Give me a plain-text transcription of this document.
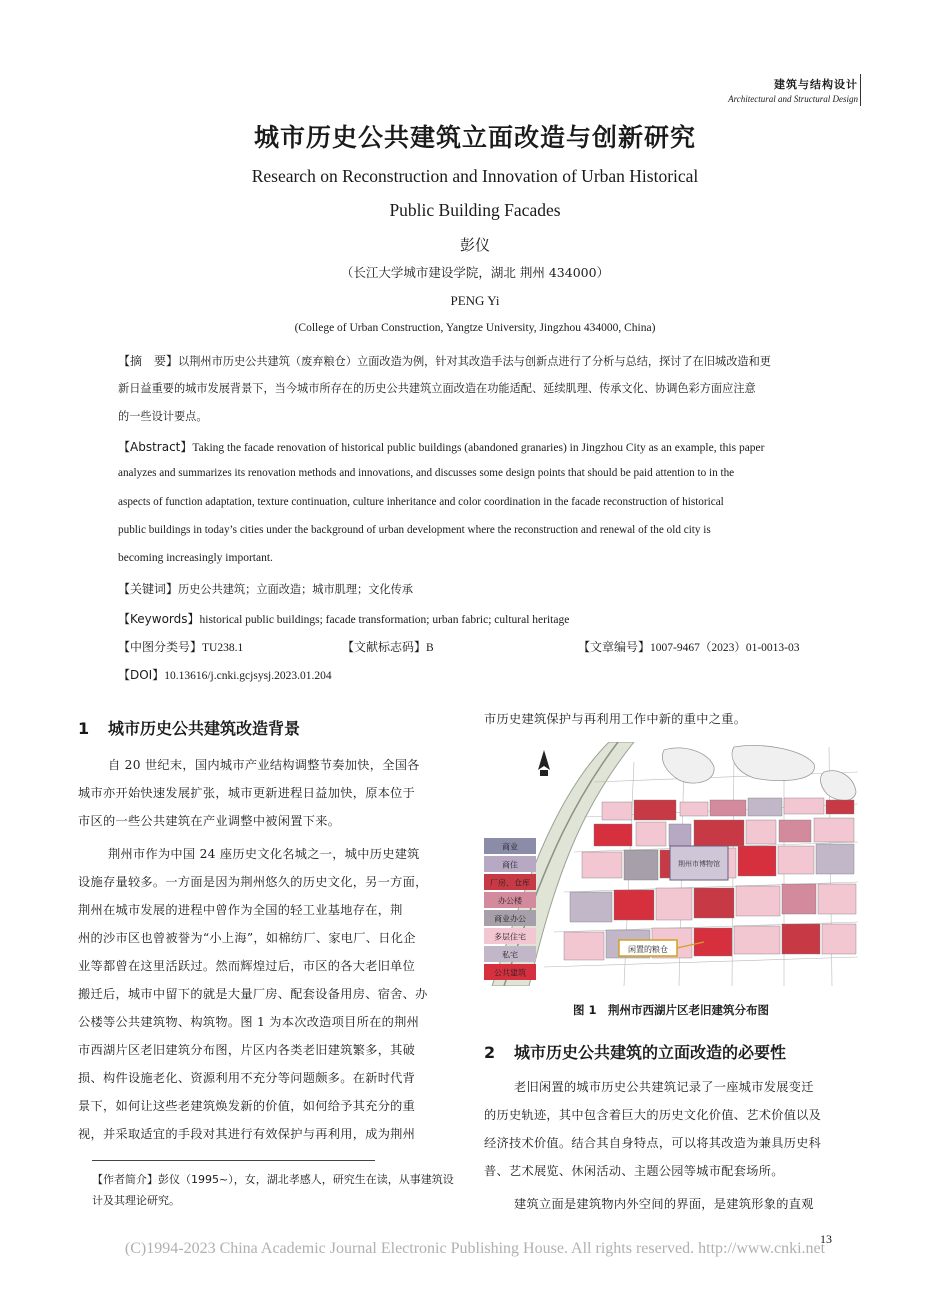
建筑与结构设计
Architectural and Structural Design
城市历史公共建筑立面改造与创新研究
Research on Reconstruction and Innovation of Urban Historical
Public Building Facades
彭仪
（长江大学城市建设学院，湖北 荆州 434000）
PENG Yi
(College of Urban Construction, Yangtze University, Jingzhou 434000, China)
【摘　要】以荆州市历史公共建筑（废弃粮仓）立面改造为例，针对其改造手法与创新点进行了分析与总结，探讨了在旧城改造和更
新日益重要的城市发展背景下，当今城市所存在的历史公共建筑立面改造在功能适配、延续肌理、传承文化、协调色彩方面应注意
的一些设计要点。
【Abstract】Taking the facade renovation of historical public buildings (abandoned granaries) in Jingzhou City as an example, this paper
analyzes and summarizes its renovation methods and innovations, and discusses some design points that should be paid attention to in the
aspects of function adaptation, texture continuation, culture inheritance and color coordination in the facade reconstruction of historical
public buildings in today’s cities under the background of urban development where the reconstruction and renewal of the old city is
becoming increasingly important.
【关键词】历史公共建筑；立面改造；城市肌理；文化传承
【Keywords】historical public buildings; facade transformation; urban fabric; cultural heritage
【中图分类号】TU238.1	【文献标志码】B	【文章编号】1007-9467（2023）01-0013-03
【DOI】10.13616/j.cnki.gcjsysj.2023.01.204
1 城市历史公共建筑改造背景
自 20 世纪末，国内城市产业结构调整节奏加快，全国各
城市亦开始快速发展扩张，城市更新进程日益加快，原本位于
市区的一些公共建筑在产业调整中被闲置下来。
荆州市作为中国 24 座历史文化名城之一，城中历史建筑
设施存量较多。一方面是因为荆州悠久的历史文化，另一方面，
荆州在城市发展的进程中曾作为全国的轻工业基地存在，荆
州的沙市区也曾被誉为“小上海”，如棉纺厂、家电厂、日化企
业等都曾在这里活跃过。然而辉煌过后，市区的各大老旧单位
搬迁后，城市中留下的就是大量厂房、配套设备用房、宿舍、办
公楼等公共建筑物、构筑物。图 1 为本次改造项目所在的荆州
市西湖片区老旧建筑分布图，片区内各类老旧建筑繁多，其破
损、构件设施老化、资源利用不充分等问题颇多。在新时代背
景下，如何让这些老建筑焕发新的价值，如何给予其充分的重
视，并采取适宜的手段对其进行有效保护与再利用，成为荆州
【作者简介】彭仪（1995~），女，湖北孝感人，研究生在读，从事建筑设
计及其理论研究。
市历史建筑保护与再利用工作中新的重中之重。
荆州市博物馆
商业
商住
厂房、仓库
办公楼
商业办公
多层住宅
私宅
公共建筑
闲置的粮仓
图 1　荆州市西湖片区老旧建筑分布图
2 城市历史公共建筑的立面改造的必要性
老旧闲置的城市历史公共建筑记录了一座城市发展变迁
的历史轨迹，其中包含着巨大的历史文化价值、艺术价值以及
经济技术价值。结合其自身特点，可以将其改造为兼具历史科
普、艺术展览、休闲活动、主题公园等城市配套场所。
建筑立面是建筑物内外空间的界面，是建筑形象的直观
13
(C)1994-2023 China Academic Journal Electronic Publishing House. All rights reserved. http://www.cnki.net
